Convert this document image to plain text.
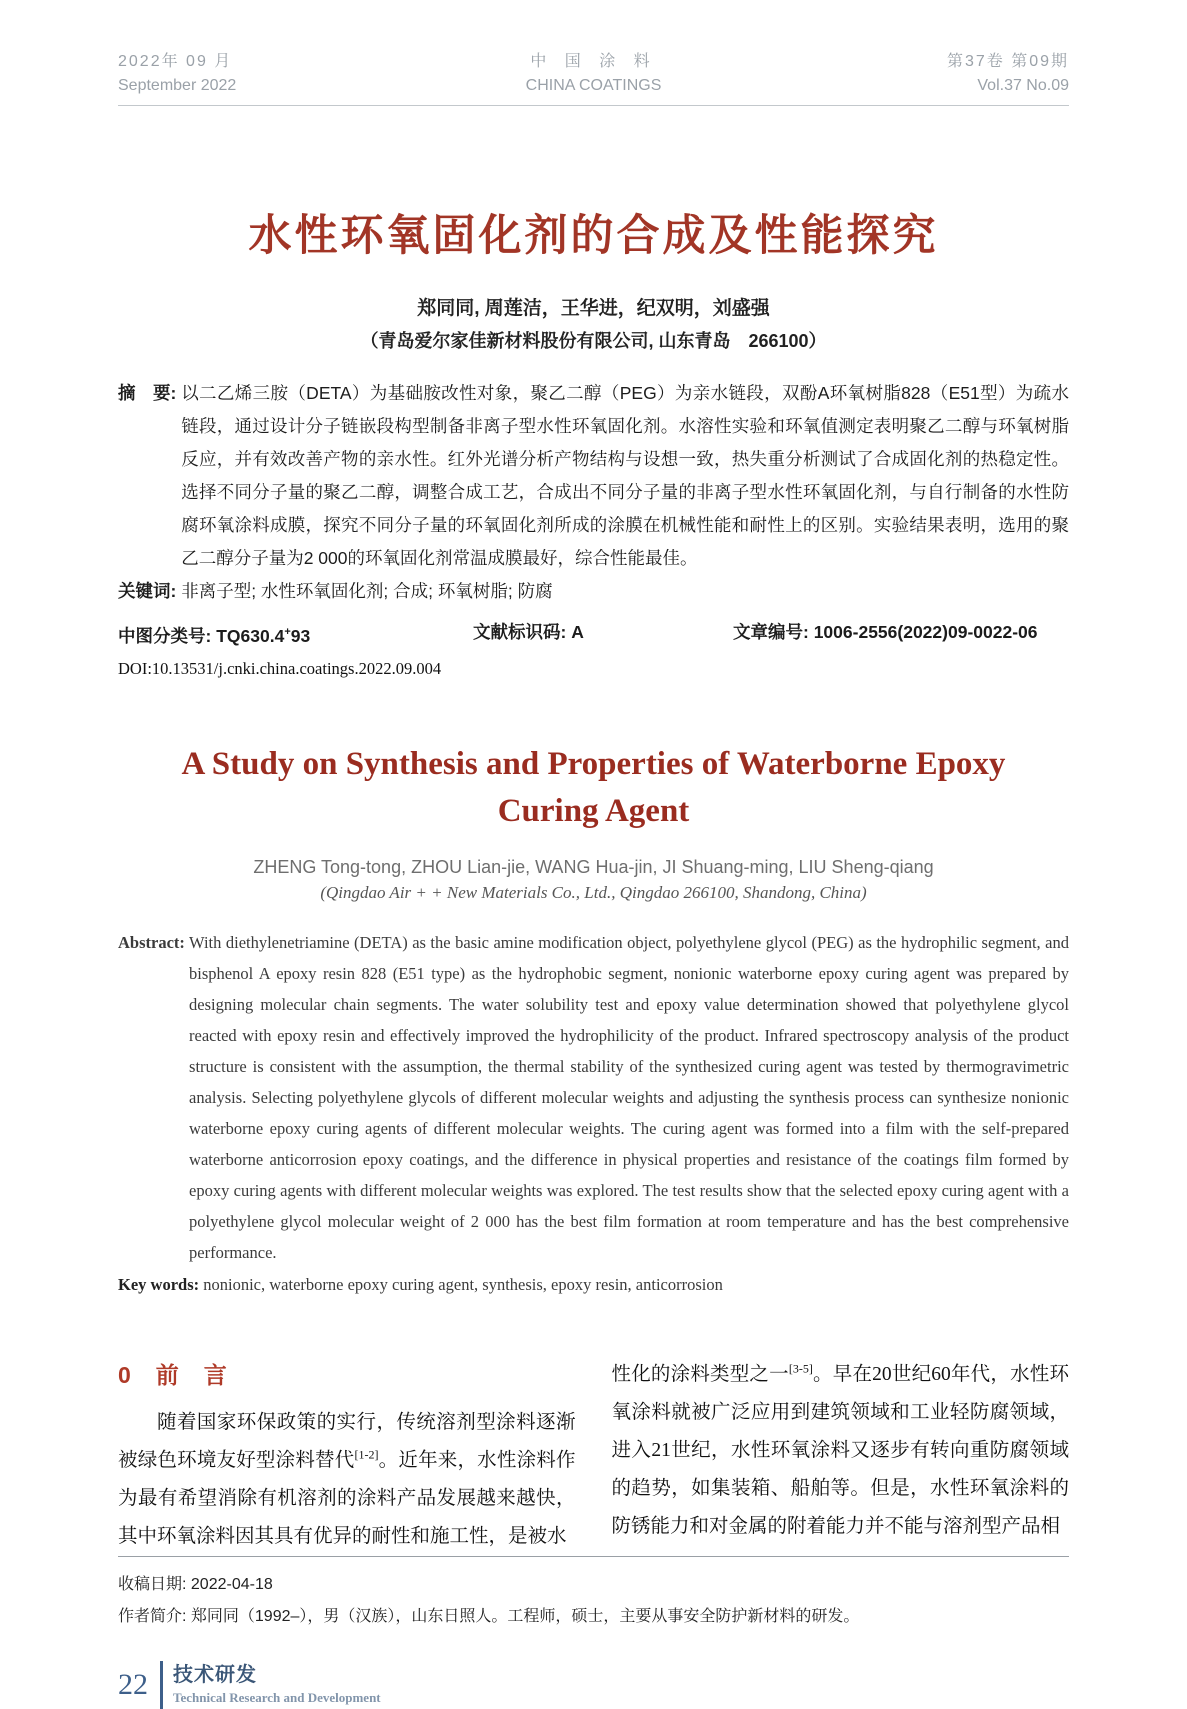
2022年 09 月
September 2022
中 国 涂 料
CHINA COATINGS
第37卷 第09期
Vol.37 No.09
水性环氧固化剂的合成及性能探究
郑同同, 周莲洁，王华进，纪双明，刘盛强
（青岛爱尔家佳新材料股份有限公司, 山东青岛　266100）
摘　要: 以二乙烯三胺（DETA）为基础胺改性对象，聚乙二醇（PEG）为亲水链段，双酚A环氧树脂828（E51型）为疏水链段，通过设计分子链嵌段构型制备非离子型水性环氧固化剂。水溶性实验和环氧值测定表明聚乙二醇与环氧树脂反应，并有效改善产物的亲水性。红外光谱分析产物结构与设想一致，热失重分析测试了合成固化剂的热稳定性。选择不同分子量的聚乙二醇，调整合成工艺，合成出不同分子量的非离子型水性环氧固化剂，与自行制备的水性防腐环氧涂料成膜，探究不同分子量的环氧固化剂所成的涂膜在机械性能和耐性上的区别。实验结果表明，选用的聚乙二醇分子量为2 000的环氧固化剂常温成膜最好，综合性能最佳。
关键词: 非离子型; 水性环氧固化剂; 合成; 环氧树脂; 防腐
中图分类号: TQ630.4+93	文献标识码: A	文章编号: 1006-2556(2022)09-0022-06
DOI:10.13531/j.cnki.china.coatings.2022.09.004
A Study on Synthesis and Properties of Waterborne Epoxy
Curing Agent
ZHENG Tong-tong, ZHOU Lian-jie, WANG Hua-jin, JI Shuang-ming, LIU Sheng-qiang
(Qingdao Air + + New Materials Co., Ltd., Qingdao 266100, Shandong, China)
Abstract: With diethylenetriamine (DETA) as the basic amine modification object, polyethylene glycol (PEG) as the hydrophilic segment, and bisphenol A epoxy resin 828 (E51 type) as the hydrophobic segment, nonionic waterborne epoxy curing agent was prepared by designing molecular chain segments. The water solubility test and epoxy value determination showed that polyethylene glycol reacted with epoxy resin and effectively improved the hydrophilicity of the product. Infrared spectroscopy analysis of the product structure is consistent with the assumption, the thermal stability of the synthesized curing agent was tested by thermogravimetric analysis. Selecting polyethylene glycols of different molecular weights and adjusting the synthesis process can synthesize nonionic waterborne epoxy curing agents of different molecular weights. The curing agent was formed into a film with the self-prepared waterborne anticorrosion epoxy coatings, and the difference in physical properties and resistance of the coatings film formed by epoxy curing agents with different molecular weights was explored. The test results show that the selected epoxy curing agent with a polyethylene glycol molecular weight of 2 000 has the best film formation at room temperature and has the best comprehensive performance.
Key words: nonionic, waterborne epoxy curing agent, synthesis, epoxy resin, anticorrosion
0　前　言
随着国家环保政策的实行，传统溶剂型涂料逐渐被绿色环境友好型涂料替代[1-2]。近年来，水性涂料作为最有希望消除有机溶剂的涂料产品发展越来越快，其中环氧涂料因其具有优异的耐性和施工性，是被水
性化的涂料类型之一[3-5]。早在20世纪60年代，水性环氧涂料就被广泛应用到建筑领域和工业轻防腐领域，进入21世纪，水性环氧涂料又逐步有转向重防腐领域的趋势，如集装箱、船舶等。但是，水性环氧涂料的防锈能力和对金属的附着能力并不能与溶剂型产品相
收稿日期: 2022-04-18
作者简介: 郑同同（1992–），男（汉族），山东日照人。工程师，硕士，主要从事安全防护新材料的研发。
22 技术研发
Technical Research and Development
